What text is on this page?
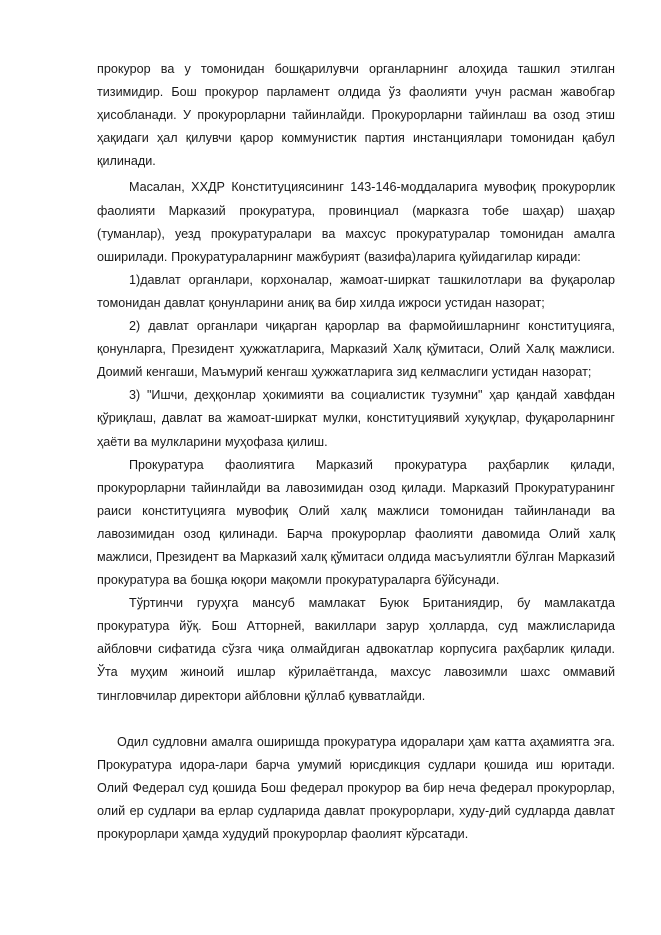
прокурор ва у томонидан бошқарилувчи органларнинг алоҳида ташкил этилган тизимидир. Бош прокурор парламент олдида ўз фаолияти учун расман жавобгар ҳисобланади. У прокурорларни тайинлайди. Прокурорларни тайинлаш ва озод этиш ҳақидаги ҳал қилувчи қарор коммунистик партия инстанциялари томонидан қабул қилинади.

Масалан, ХХДР Конституциясининг 143-146-моддаларига мувофиқ прокурорлик фаолияти Марказий прокуратура, провинциал (марказга тобе шаҳар) шаҳар (туманлар), уезд прокуратуралари ва махсус прокуратуралар томонидан амалга оширилади. Прокуратураларнинг мажбурият (вазифа)ларига қуйидагилар киради:

1)давлат органлари, корхоналар, жамоат-ширкат ташкилотлари ва фуқаролар томонидан давлат қонунларини аниқ ва бир хилда ижроси устидан назорат;

2) давлат органлари чиқарган қарорлар ва фармойишларнинг конституцияга, қонунларга, Президент ҳужжатларига, Марказий Халқ қўмитаси, Олий Халқ мажлиси. Доимий кенгаши, Маъмурий кенгаш ҳужжатларига зид келмаслиги устидан назорат;

3) "Ишчи, деҳқонлар ҳокимияти ва социалистик тузумни" ҳар қандай хавфдан қўриқлаш, давлат ва жамоат-ширкат мулки, конституциявий хуқуқлар, фуқароларнинг ҳаёти ва мулкларини муҳофаза қилиш.

Прокуратура фаолиятига Марказий прокуратура раҳбарлик қилади, прокурорларни тайинлайди ва лавозимидан озод қилади. Марказий Прокуратуранинг раиси конституцияга мувофиқ Олий халқ мажлиси томонидан тайинланади ва лавозимидан озод қилинади. Барча прокурорлар фаолияти давомида Олий халқ мажлиси, Президент ва Марказий халқ қўмитаси олдида масъулиятли бўлган Марказий прокуратура ва бошқа юқори мақомли прокуратураларга бўйсунади.

Тўртинчи гуруҳга мансуб мамлакат Буюк Британиядир, бу мамлакатда прокуратура йўқ. Бош Атторней, вакиллари зарур ҳолларда, суд мажлисларида айбловчи сифатида сўзга чиқа олмайдиган адвокатлар корпусига раҳбарлик қилади. Ўта муҳим жиноий ишлар кўрилаётганда, махсус лавозимли шахс оммавий тингловчилар директори айбловни қўллаб қувватлайди.

Одил судловни амалга оширишда прокуратура идоралари ҳам катта аҳамиятга эга. Прокуратура идора-лари барча умумий юрисдикция судлари қошида иш юритади. Олий Федерал суд қошида Бош федерал прокурор ва бир неча федерал прокурорлар, олий ер судлари ва ерлар судларида давлат прокурорлари, худу-дий судларда давлат прокурорлари ҳамда худудий прокурорлар фаолият кўрсатади.
